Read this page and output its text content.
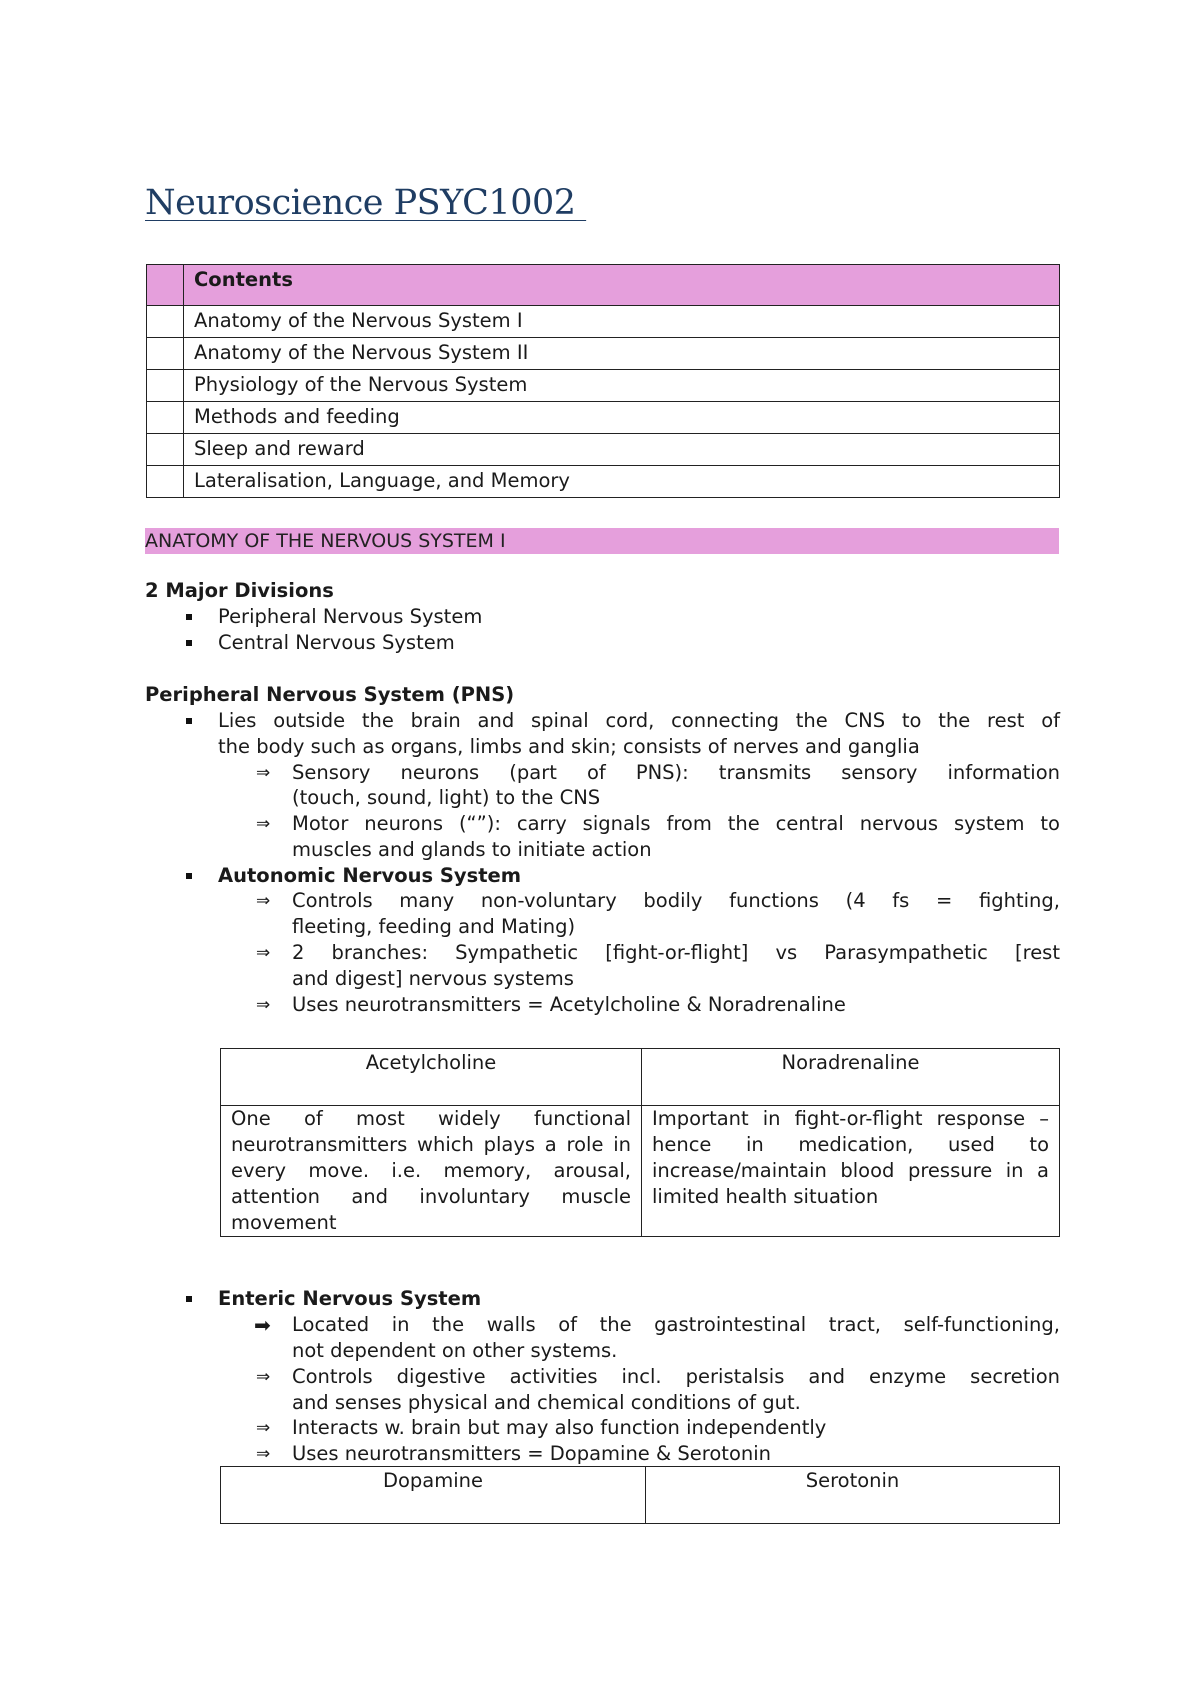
Neuroscience PSYC1002
	Contents
	Anatomy of the Nervous System I
	Anatomy of the Nervous System II
	Physiology of the Nervous System
	Methods and feeding
	Sleep and reward
	Lateralisation, Language, and Memory
ANATOMY OF THE NERVOUS SYSTEM I
2 Major Divisions
Peripheral Nervous System
Central Nervous System
Peripheral Nervous System (PNS)
Lies outside the brain and spinal cord, connecting the CNS to the rest of
the body such as organs, limbs and skin; consists of nerves and ganglia
⇒ Sensory neurons (part of PNS): transmits sensory information
(touch, sound, light) to the CNS
⇒ Motor neurons (“”): carry signals from the central nervous system to
muscles and glands to initiate action
Autonomic Nervous System
⇒ Controls many non-voluntary bodily functions (4 fs = fighting,
fleeting, feeding and Mating)
⇒ 2 branches: Sympathetic [fight-or-flight] vs Parasympathetic [rest
and digest] nervous systems
⇒ Uses neurotransmitters = Acetylcholine & Noradrenaline
Acetylcholine	Noradrenaline
One of most widely functional neurotransmitters which plays a role in every move. i.e. memory, arousal, attention and involuntary muscle movement	Important in fight-or-flight response – hence in medication, used to increase/maintain blood pressure in a limited health situation
Enteric Nervous System
➡ Located in the walls of the gastrointestinal tract, self-functioning,
not dependent on other systems.
⇒ Controls digestive activities incl. peristalsis and enzyme secretion
and senses physical and chemical conditions of gut.
⇒ Interacts w. brain but may also function independently
⇒ Uses neurotransmitters = Dopamine & Serotonin
Dopamine	Serotonin
